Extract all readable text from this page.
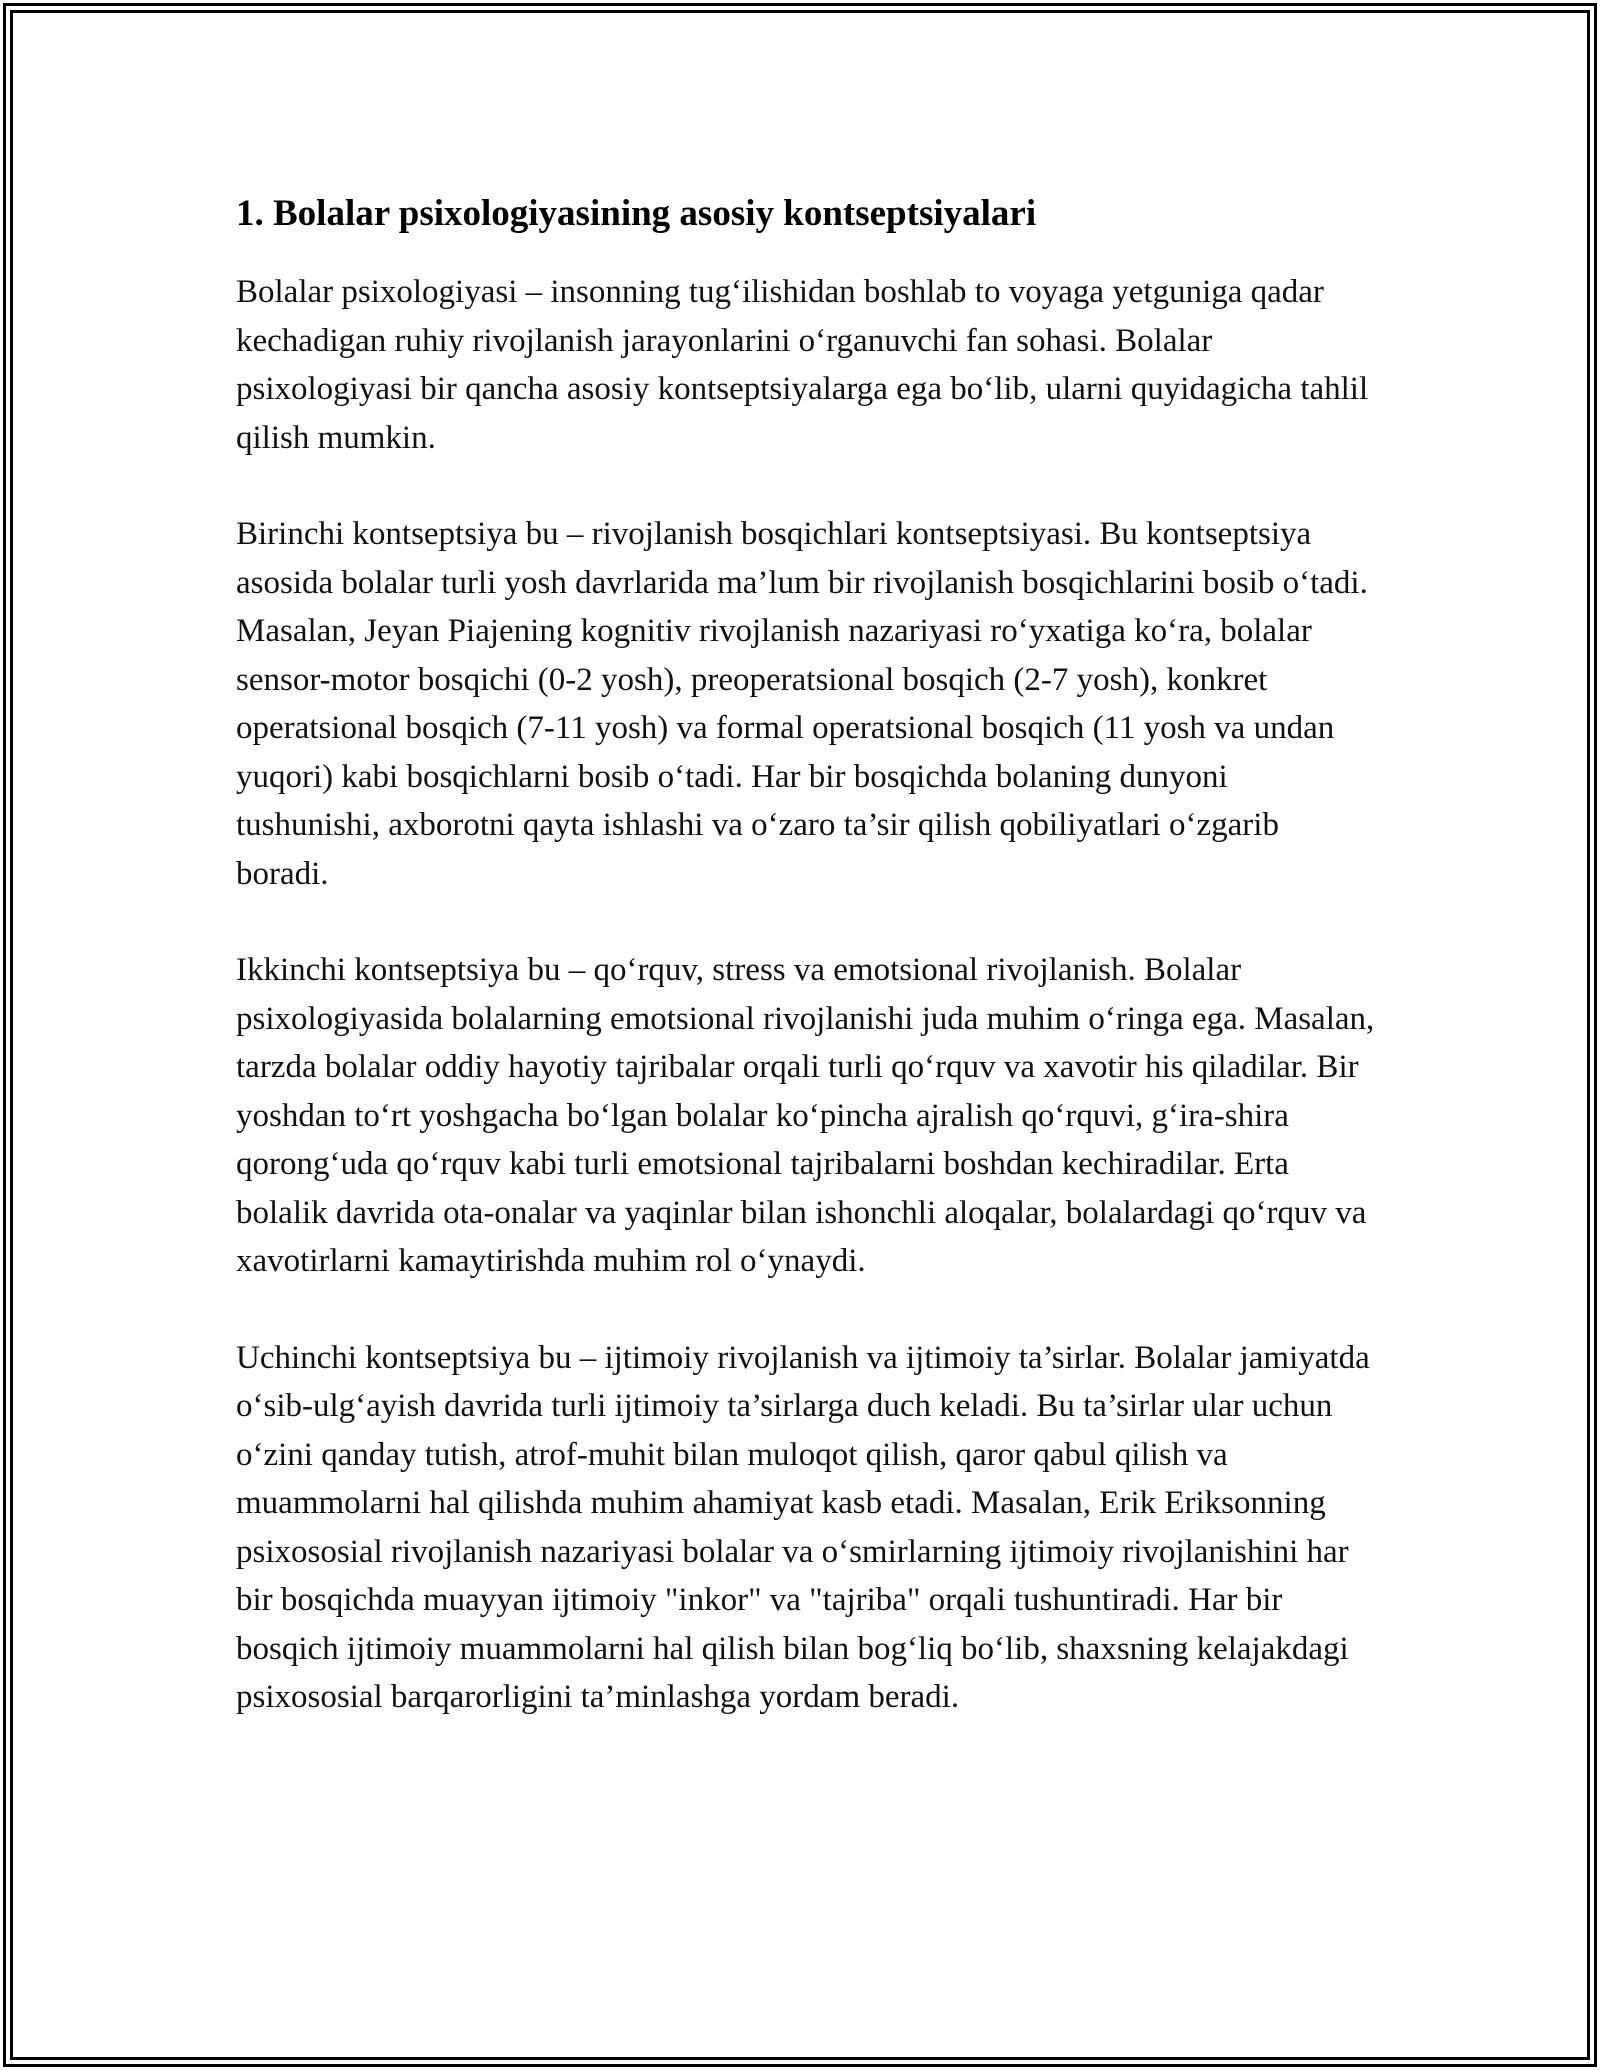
1. Bolalar psixologiyasining asosiy kontseptsiyalari

Bolalar psixologiyasi – insonning tug‘ilishidan boshlab to voyaga yetguniga qadar kechadigan ruhiy rivojlanish jarayonlarini o‘rganuvchi fan sohasi. Bolalar psixologiyasi bir qancha asosiy kontseptsiyalarga ega bo‘lib, ularni quyidagicha tahlil qilish mumkin.

Birinchi kontseptsiya bu – rivojlanish bosqichlari kontseptsiyasi. Bu kontseptsiya asosida bolalar turli yosh davrlarida ma’lum bir rivojlanish bosqichlarini bosib o‘tadi. Masalan, Jeyan Piajening kognitiv rivojlanish nazariyasi ro‘yxatiga ko‘ra, bolalar sensor-motor bosqichi (0-2 yosh), preoperatsional bosqich (2-7 yosh), konkret operatsional bosqich (7-11 yosh) va formal operatsional bosqich (11 yosh va undan yuqori) kabi bosqichlarni bosib o‘tadi. Har bir bosqichda bolaning dunyoni tushunishi, axborotni qayta ishlashi va o‘zaro ta’sir qilish qobiliyatlari o‘zgarib boradi.

Ikkinchi kontseptsiya bu – qo‘rquv, stress va emotsional rivojlanish. Bolalar psixologiyasida bolalarning emotsional rivojlanishi juda muhim o‘ringa ega. Masalan, tarzda bolalar oddiy hayotiy tajribalar orqali turli qo‘rquv va xavotir his qiladilar. Bir yoshdan to‘rt yoshgacha bo‘lgan bolalar ko‘pincha ajralish qo‘rquvi, g‘ira-shira qorong‘uda qo‘rquv kabi turli emotsional tajribalarni boshdan kechiradilar. Erta bolalik davrida ota-onalar va yaqinlar bilan ishonchli aloqalar, bolalardagi qo‘rquv va xavotirlarni kamaytirishda muhim rol o‘ynaydi.

Uchinchi kontseptsiya bu – ijtimoiy rivojlanish va ijtimoiy ta’sirlar. Bolalar jamiyatda o‘sib-ulg‘ayish davrida turli ijtimoiy ta’sirlarga duch keladi. Bu ta’sirlar ular uchun o‘zini qanday tutish, atrof-muhit bilan muloqot qilish, qaror qabul qilish va muammolarni hal qilishda muhim ahamiyat kasb etadi. Masalan, Erik Eriksonning psixososial rivojlanish nazariyasi bolalar va o‘smirlarning ijtimoiy rivojlanishini har bir bosqichda muayyan ijtimoiy "inkor" va "tajriba" orqali tushuntiradi. Har bir bosqich ijtimoiy muammolarni hal qilish bilan bog‘liq bo‘lib, shaxsning kelajakdagi psixososial barqarorligini ta’minlashga yordam beradi.
